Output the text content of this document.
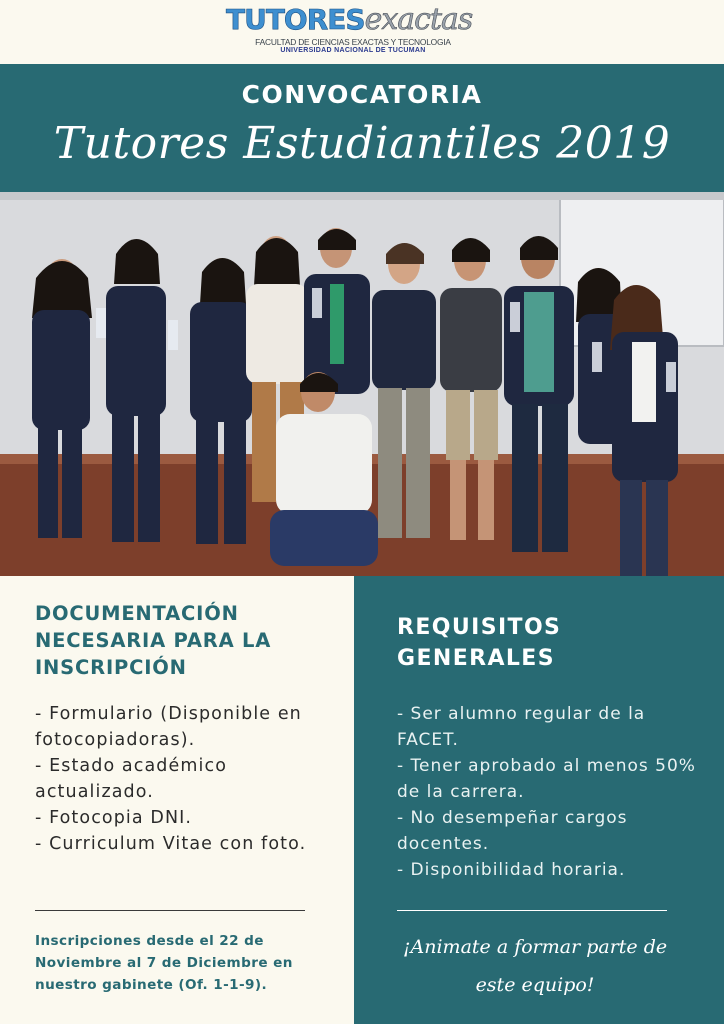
TUTORESexactas
FACULTAD DE CIENCIAS EXACTAS Y TECNOLOGIA
UNIVERSIDAD NACIONAL DE TUCUMAN
CONVOCATORIA
Tutores Estudiantiles 2019
DOCUMENTACIÓN NECESARIA PARA LA INSCRIPCIÓN
- Formulario (Disponible en fotocopiadoras).
- Estado académico actualizado.
- Fotocopia DNI.
- Curriculum Vitae con foto.

Inscripciones desde el 22 de Noviembre al 7 de Diciembre en nuestro gabinete (Of. 1-1-9).

REQUISITOS GENERALES
- Ser alumno regular de la FACET.
- Tener aprobado al menos 50% de la carrera.
- No desempeñar cargos docentes.
- Disponibilidad horaria.

¡Animate a formar parte de este equipo!
